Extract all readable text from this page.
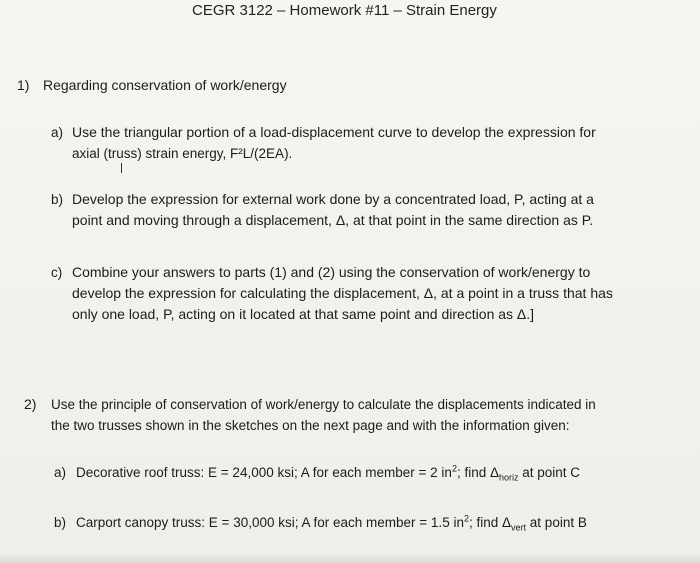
CEGR 3122 – Homework #11 – Strain Energy
1) Regarding conservation of work/energy
a) Use the triangular portion of a load-displacement curve to develop the expression for
axial (truss) strain energy, F²L/(2EA).
b) Develop the expression for external work done by a concentrated load, P, acting at a
point and moving through a displacement, Δ, at that point in the same direction as P.
c) Combine your answers to parts (1) and (2) using the conservation of work/energy to
develop the expression for calculating the displacement, Δ, at a point in a truss that has
only one load, P, acting on it located at that same point and direction as Δ.]
2) Use the principle of conservation of work/energy to calculate the displacements indicated in
the two trusses shown in the sketches on the next page and with the information given:
a) Decorative roof truss: E = 24,000 ksi; A for each member = 2 $in^2$; find $\Delta_{horiz}$ at point C
b) Carport canopy truss: E = 30,000 ksi; A for each member = 1.5 $in^2$; find $\Delta_{vert}$ at point B
